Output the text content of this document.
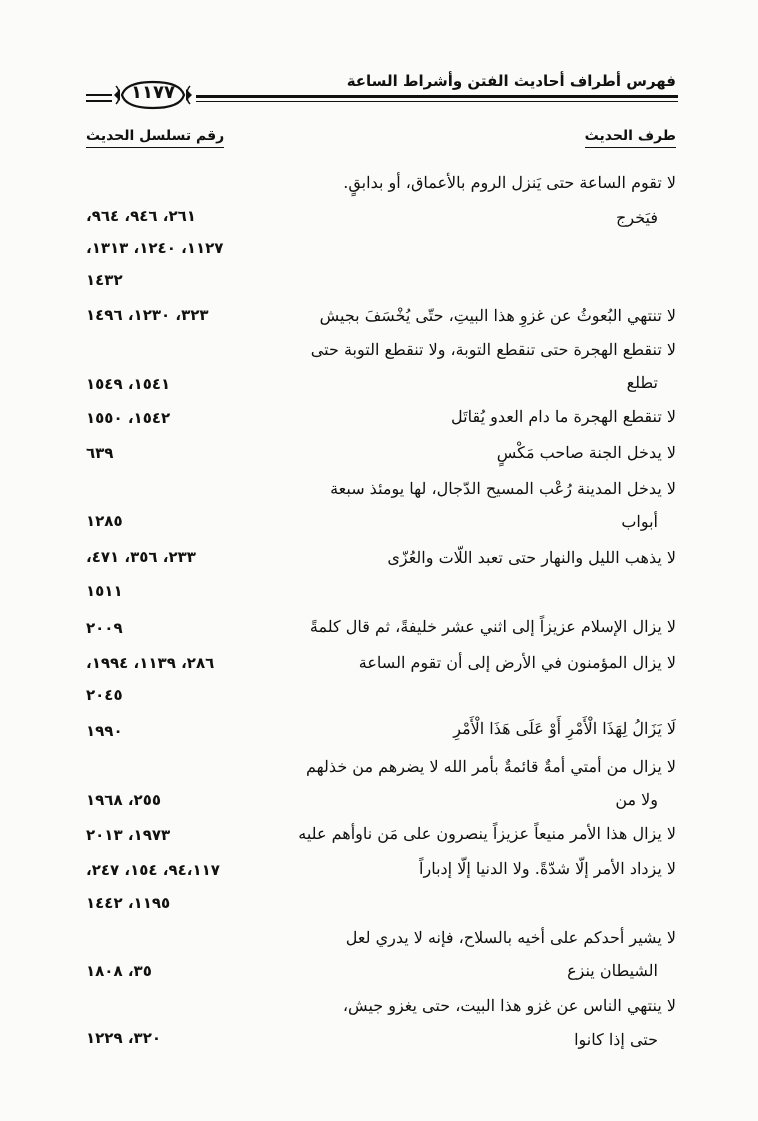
فهرس أطراف أحاديث الفتن وأشراط الساعة
١١٧٧
طرف الحديث
رقم تسلسل الحديث
لا تقوم الساعة حتى يَنزل الروم بالأعماق، أو بدابقٍ.
فيَخرج
٢٦١، ٩٤٦، ٩٦٤،
١١٢٧، ١٢٤٠، ١٣١٣،
١٤٣٢
لا تنتهي البُعوثُ عن غزوِ هذا البيتِ، حتّى يُخْسَفَ بجيش
٣٢٣، ١٢٣٠، ١٤٩٦
لا تنقطع الهجرة حتى تنقطع التوبة، ولا تنقطع التوبة حتى
تطلع
١٥٤١، ١٥٤٩
لا تنقطع الهجرة ما دام العدو يُقاتَل
١٥٤٢، ١٥٥٠
لا يدخل الجنة صاحب مَكْسٍ
٦٣٩
لا يدخل المدينة رُعْب المسيح الدّجال، لها يومئذ سبعة
أبواب
١٢٨٥
لا يذهب الليل والنهار حتى تعبد اللّات والعُزّى
٢٣٣، ٣٥٦، ٤٧١،
١٥١١
لا يزال الإسلام عزيزاً إلى اثني عشر خليفةً، ثم قال كلمةً
٢٠٠٩
لا يزال المؤمنون في الأرض إلى أن تقوم الساعة
٢٨٦، ١١٣٩، ١٩٩٤،
٢٠٤٥
لَا يَزَالُ لِهَذَا الْأَمْرِ أَوْ عَلَى هَذَا الْأَمْرِ
١٩٩٠
لا يزال من أمتي أمةٌ قائمةٌ بأمر الله لا يضرهم من خذلهم
ولا من
٢٥٥، ١٩٦٨
لا يزال هذا الأمر منيعاً عزيزاً ينصرون على مَن ناوأهم عليه
١٩٧٣، ٢٠١٣
لا يزداد الأمر إلّا شدّةً. ولا الدنيا إلّا إدباراً
٩٤،١١٧، ١٥٤، ٢٤٧،
١١٩٥، ١٤٤٢
لا يشير أحدكم على أخيه بالسلاح، فإنه لا يدري لعل
الشيطان ينزع
٣٥، ١٨٠٨
لا ينتهي الناس عن غزو هذا البيت، حتى يغزو جيش،
حتى إذا كانوا
٣٢٠، ١٢٢٩
